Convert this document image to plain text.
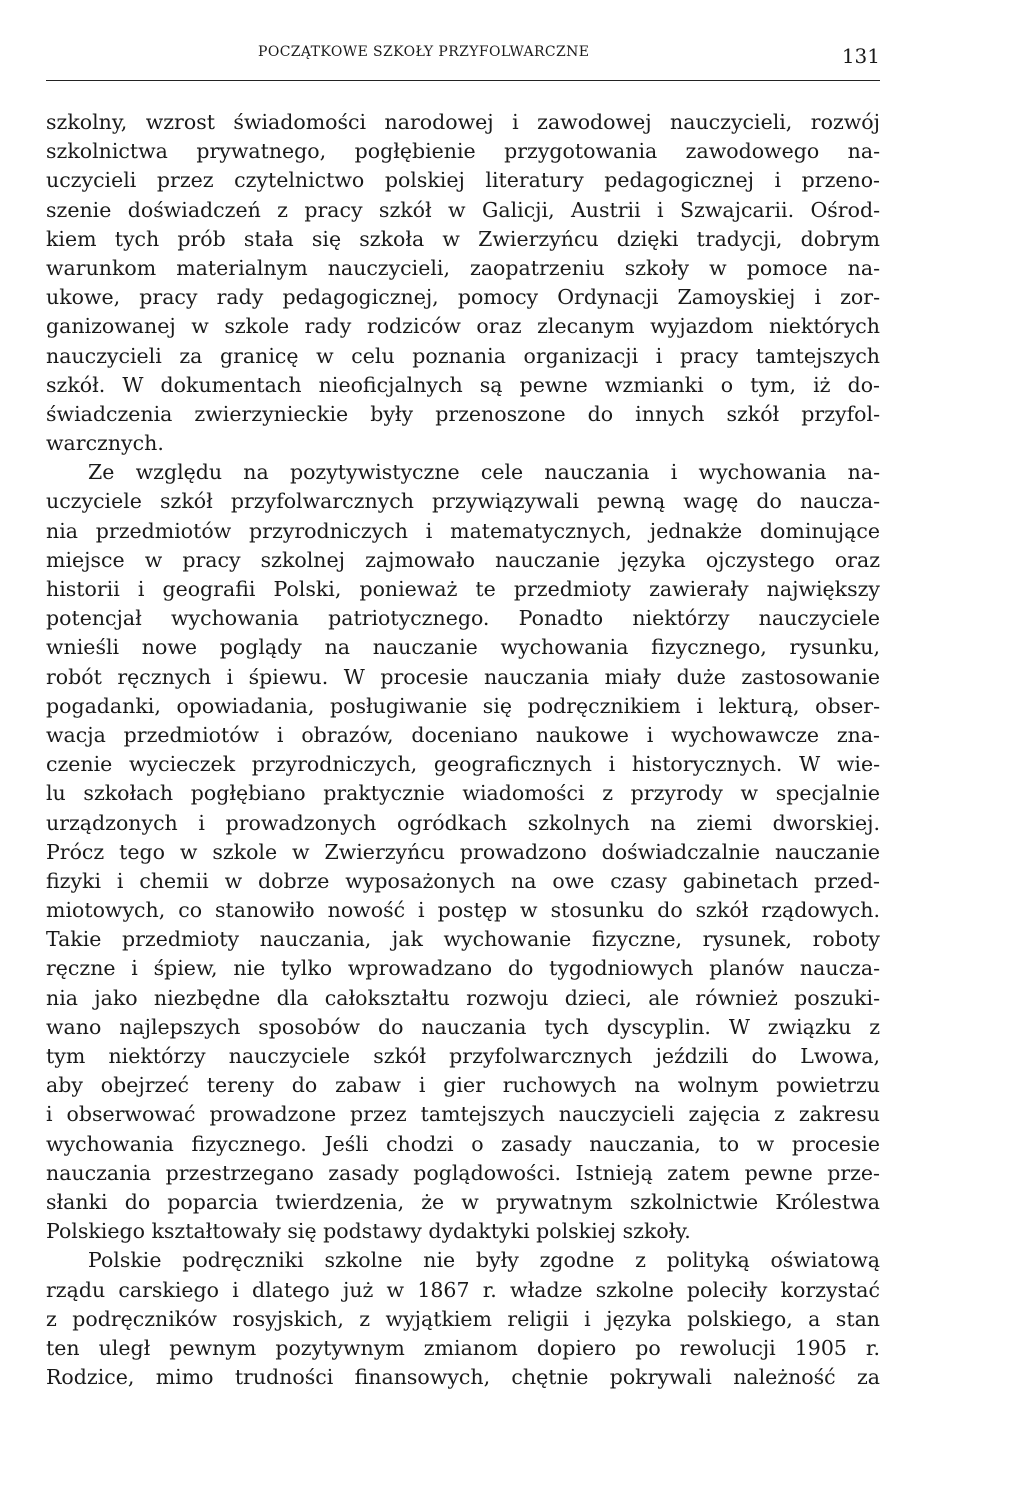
POCZĄTKOWE SZKOŁY PRZYFOLWARCZNE	131
szkolny, wzrost świadomości narodowej i zawodowej nauczycieli, rozwój
szkolnictwa prywatnego, pogłębienie przygotowania zawodowego na-
uczycieli przez czytelnictwo polskiej literatury pedagogicznej i przeno-
szenie doświadczeń z pracy szkół w Galicji, Austrii i Szwajcarii. Ośrod-
kiem tych prób stała się szkoła w Zwierzyńcu dzięki tradycji, dobrym
warunkom materialnym nauczycieli, zaopatrzeniu szkoły w pomoce na-
ukowe, pracy rady pedagogicznej, pomocy Ordynacji Zamoyskiej i zor-
ganizowanej w szkole rady rodziców oraz zlecanym wyjazdom niektórych
nauczycieli za granicę w celu poznania organizacji i pracy tamtejszych
szkół. W dokumentach nieoficjalnych są pewne wzmianki o tym, iż do-
świadczenia zwierzynieckie były przenoszone do innych szkół przyfol-
warcznych.
Ze względu na pozytywistyczne cele nauczania i wychowania na-
uczyciele szkół przyfolwarcznych przywiązywali pewną wagę do naucza-
nia przedmiotów przyrodniczych i matematycznych, jednakże dominujące
miejsce w pracy szkolnej zajmowało nauczanie języka ojczystego oraz
historii i geografii Polski, ponieważ te przedmioty zawierały największy
potencjał wychowania patriotycznego. Ponadto niektórzy nauczyciele
wnieśli nowe poglądy na nauczanie wychowania fizycznego, rysunku,
robót ręcznych i śpiewu. W procesie nauczania miały duże zastosowanie
pogadanki, opowiadania, posługiwanie się podręcznikiem i lekturą, obser-
wacja przedmiotów i obrazów, doceniano naukowe i wychowawcze zna-
czenie wycieczek przyrodniczych, geograficznych i historycznych. W wie-
lu szkołach pogłębiano praktycznie wiadomości z przyrody w specjalnie
urządzonych i prowadzonych ogródkach szkolnych na ziemi dworskiej.
Prócz tego w szkole w Zwierzyńcu prowadzono doświadczalnie nauczanie
fizyki i chemii w dobrze wyposażonych na owe czasy gabinetach przed-
miotowych, co stanowiło nowość i postęp w stosunku do szkół rządowych.
Takie przedmioty nauczania, jak wychowanie fizyczne, rysunek, roboty
ręczne i śpiew, nie tylko wprowadzano do tygodniowych planów naucza-
nia jako niezbędne dla całokształtu rozwoju dzieci, ale również poszuki-
wano najlepszych sposobów do nauczania tych dyscyplin. W związku z
tym niektórzy nauczyciele szkół przyfolwarcznych jeździli do Lwowa,
aby obejrzeć tereny do zabaw i gier ruchowych na wolnym powietrzu
i obserwować prowadzone przez tamtejszych nauczycieli zajęcia z zakresu
wychowania fizycznego. Jeśli chodzi o zasady nauczania, to w procesie
nauczania przestrzegano zasady poglądowości. Istnieją zatem pewne prze-
słanki do poparcia twierdzenia, że w prywatnym szkolnictwie Królestwa
Polskiego kształtowały się podstawy dydaktyki polskiej szkoły.
Polskie podręczniki szkolne nie były zgodne z polityką oświatową
rządu carskiego i dlatego już w 1867 r. władze szkolne poleciły korzystać
z podręczników rosyjskich, z wyjątkiem religii i języka polskiego, a stan
ten uległ pewnym pozytywnym zmianom dopiero po rewolucji 1905 r.
Rodzice, mimo trudności finansowych, chętnie pokrywali należność za
